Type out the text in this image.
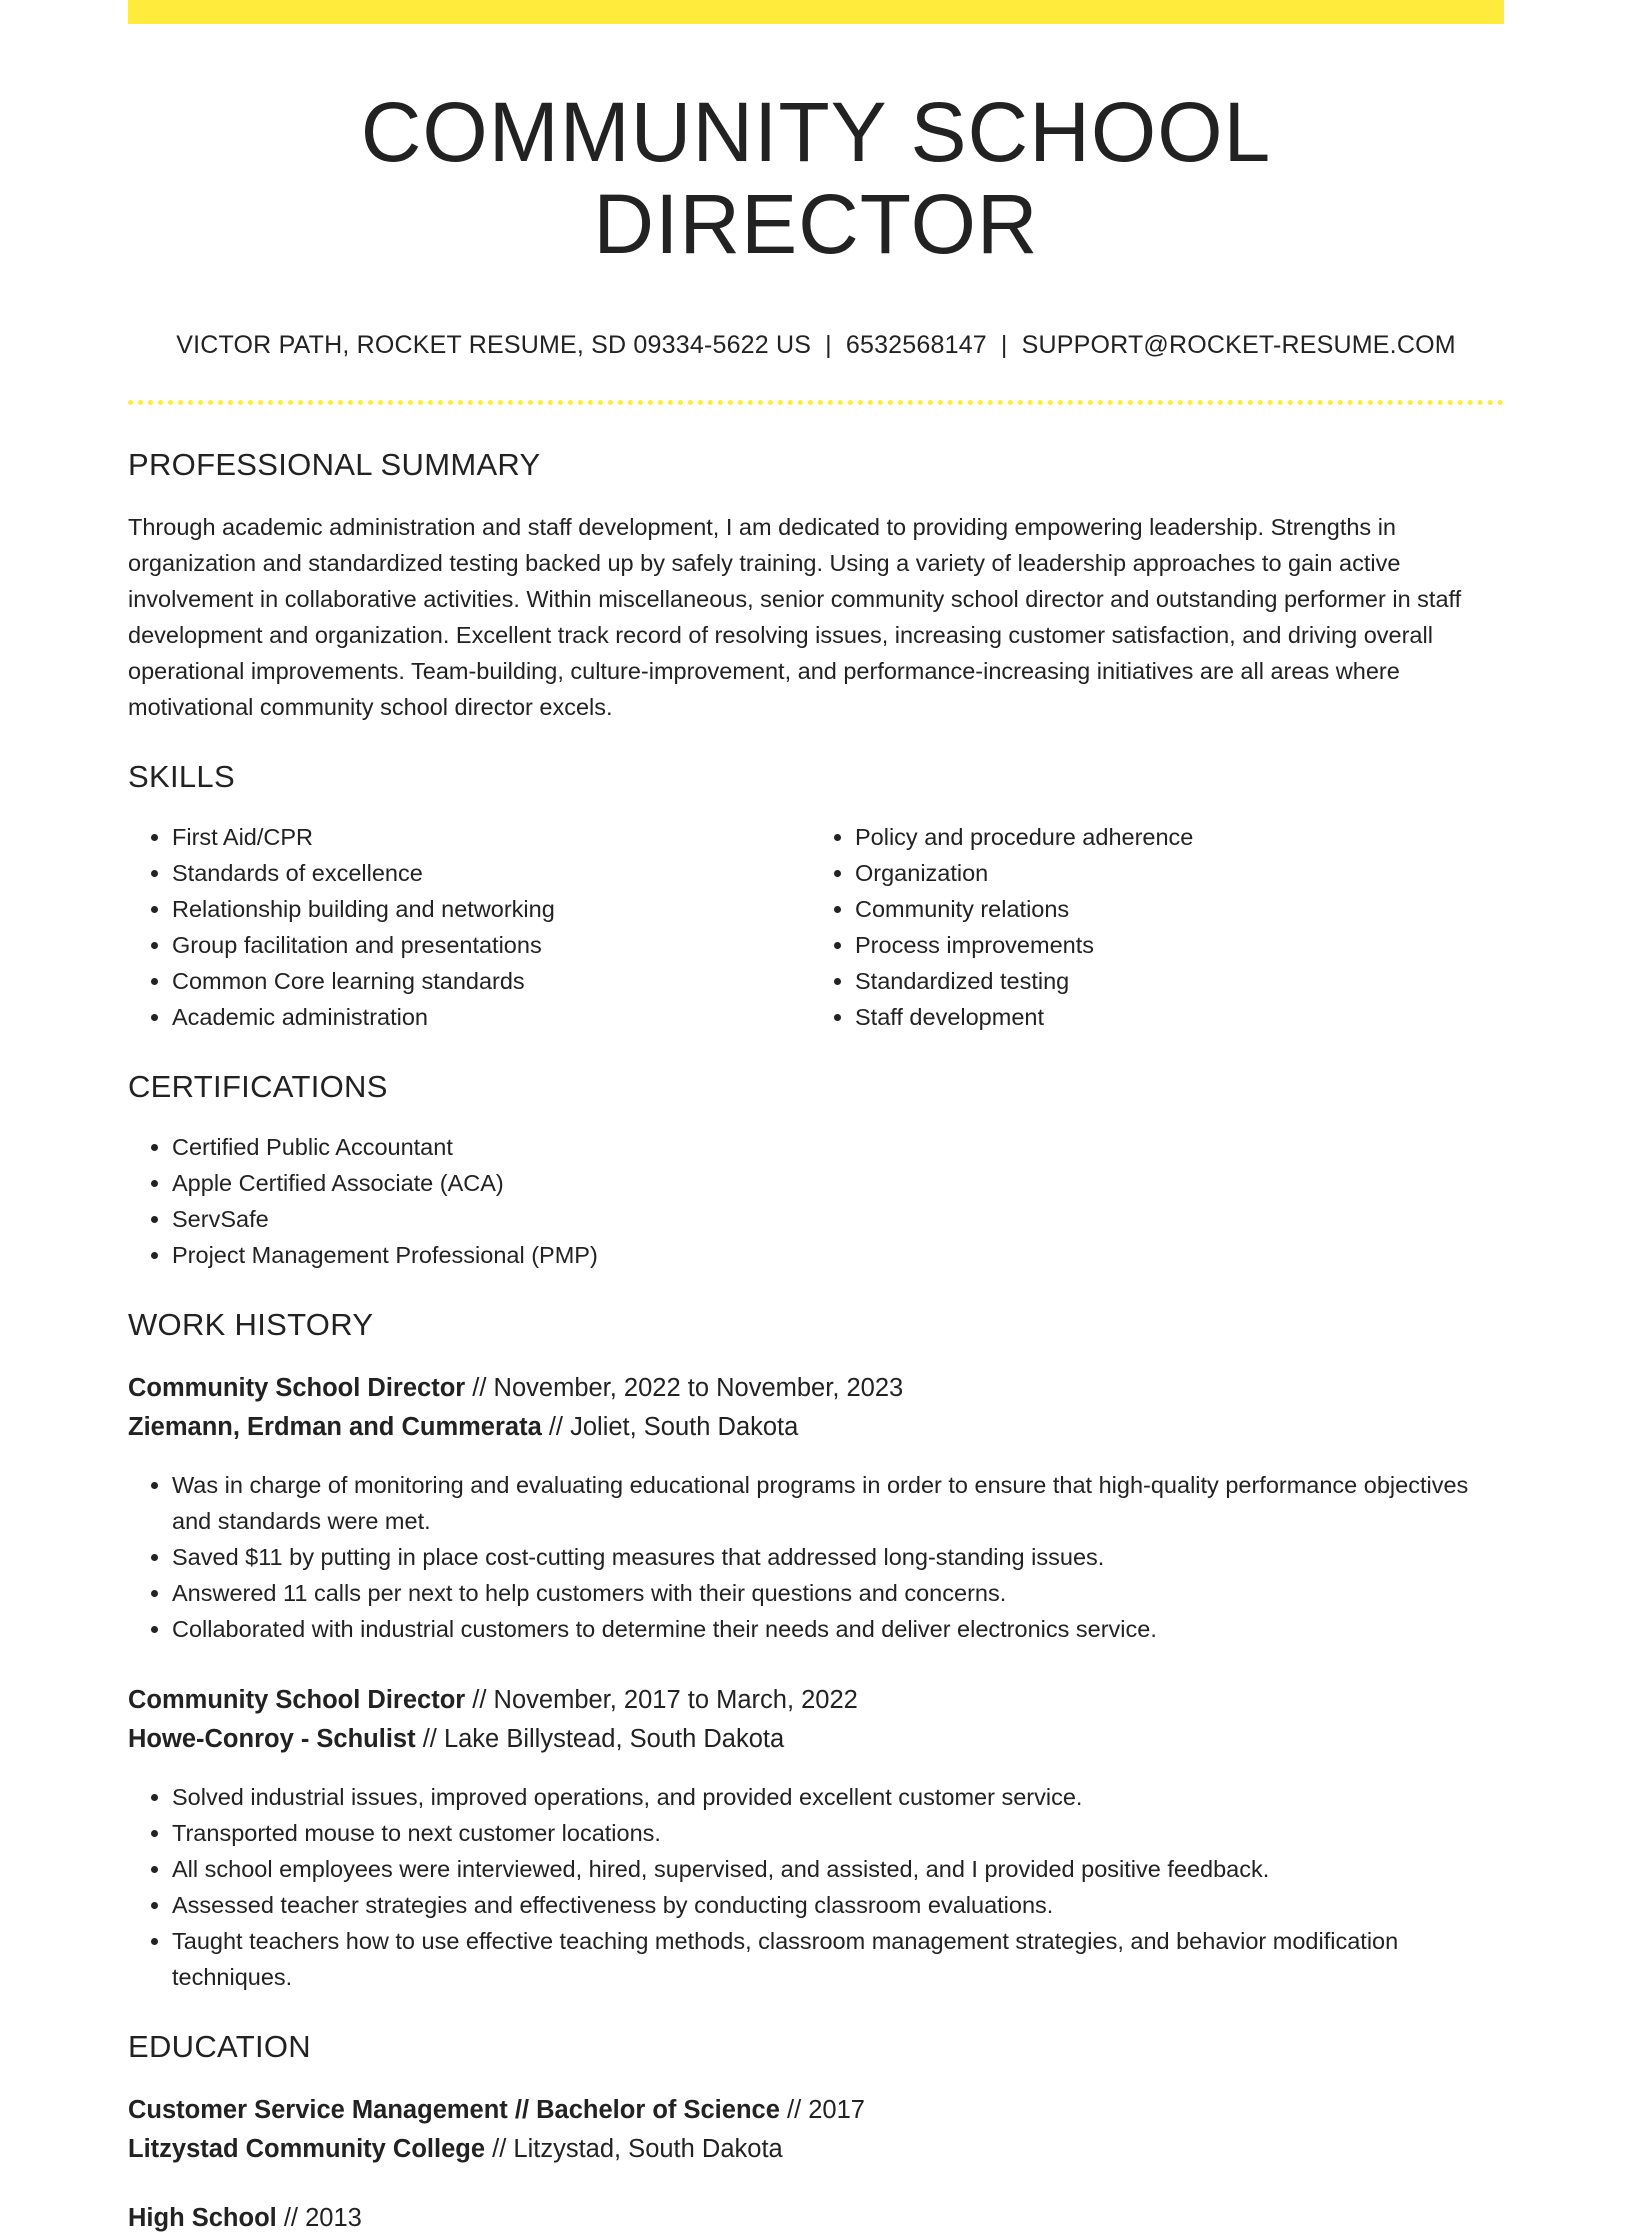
COMMUNITY SCHOOL DIRECTOR
VICTOR PATH, ROCKET RESUME, SD 09334-5622 US | 6532568147 | SUPPORT@ROCKET-RESUME.COM
PROFESSIONAL SUMMARY

Through academic administration and staff development, I am dedicated to providing empowering leadership. Strengths in organization and standardized testing backed up by safely training. Using a variety of leadership approaches to gain active involvement in collaborative activities. Within miscellaneous, senior community school director and outstanding performer in staff development and organization. Excellent track record of resolving issues, increasing customer satisfaction, and driving overall operational improvements. Team-building, culture-improvement, and performance-increasing initiatives are all areas where motivational community school director excels.

SKILLS
• First Aid/CPR
• Standards of excellence
• Relationship building and networking
• Group facilitation and presentations
• Common Core learning standards
• Academic administration
• Policy and procedure adherence
• Organization
• Community relations
• Process improvements
• Standardized testing
• Staff development
CERTIFICATIONS
• Certified Public Accountant
• Apple Certified Associate (ACA)
• ServSafe
• Project Management Professional (PMP)
WORK HISTORY
Community School Director // November, 2022 to November, 2023
Ziemann, Erdman and Cummerata // Joliet, South Dakota
• Was in charge of monitoring and evaluating educational programs in order to ensure that high-quality performance objectives and standards were met.
• Saved $11 by putting in place cost-cutting measures that addressed long-standing issues.
• Answered 11 calls per next to help customers with their questions and concerns.
• Collaborated with industrial customers to determine their needs and deliver electronics service.
Community School Director // November, 2017 to March, 2022
Howe-Conroy - Schulist // Lake Billystead, South Dakota
• Solved industrial issues, improved operations, and provided excellent customer service.
• Transported mouse to next customer locations.
• All school employees were interviewed, hired, supervised, and assisted, and I provided positive feedback.
• Assessed teacher strategies and effectiveness by conducting classroom evaluations.
• Taught teachers how to use effective teaching methods, classroom management strategies, and behavior modification techniques.
EDUCATION
Customer Service Management // Bachelor of Science // 2017
Litzystad Community College // Litzystad, South Dakota
High School // 2013
